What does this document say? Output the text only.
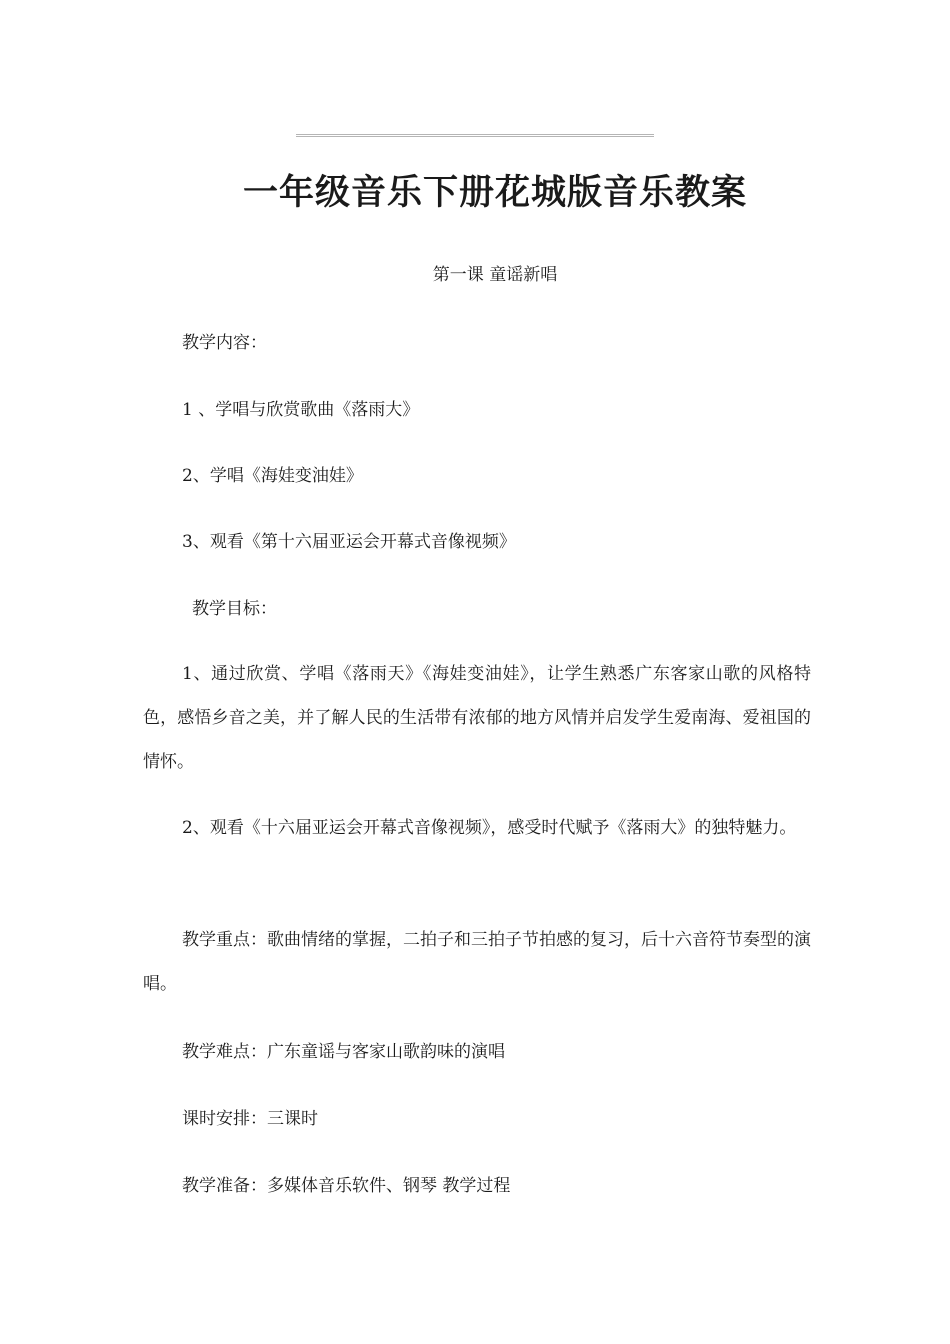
一年级音乐下册花城版音乐教案
第一课 童谣新唱
教学内容：
1 、学唱与欣赏歌曲《落雨大》
2、学唱《海娃变油娃》
3、观看《第十六届亚运会开幕式音像视频》
教学目标：

1、通过欣赏、学唱《落雨天》《海娃变油娃》，让学生熟悉广东客家山歌的风格特色，感悟乡音之美，并了解人民的生活带有浓郁的地方风情并启发学生爱南海、爱祖国的情怀。

2、观看《十六届亚运会开幕式音像视频》，感受时代赋予《落雨大》的独特魅力。

教学重点：歌曲情绪的掌握，二拍子和三拍子节拍感的复习，后十六音符节奏型的演唱。

教学难点：广东童谣与客家山歌韵味的演唱
课时安排：三课时
教学准备：多媒体音乐软件、钢琴 教学过程
